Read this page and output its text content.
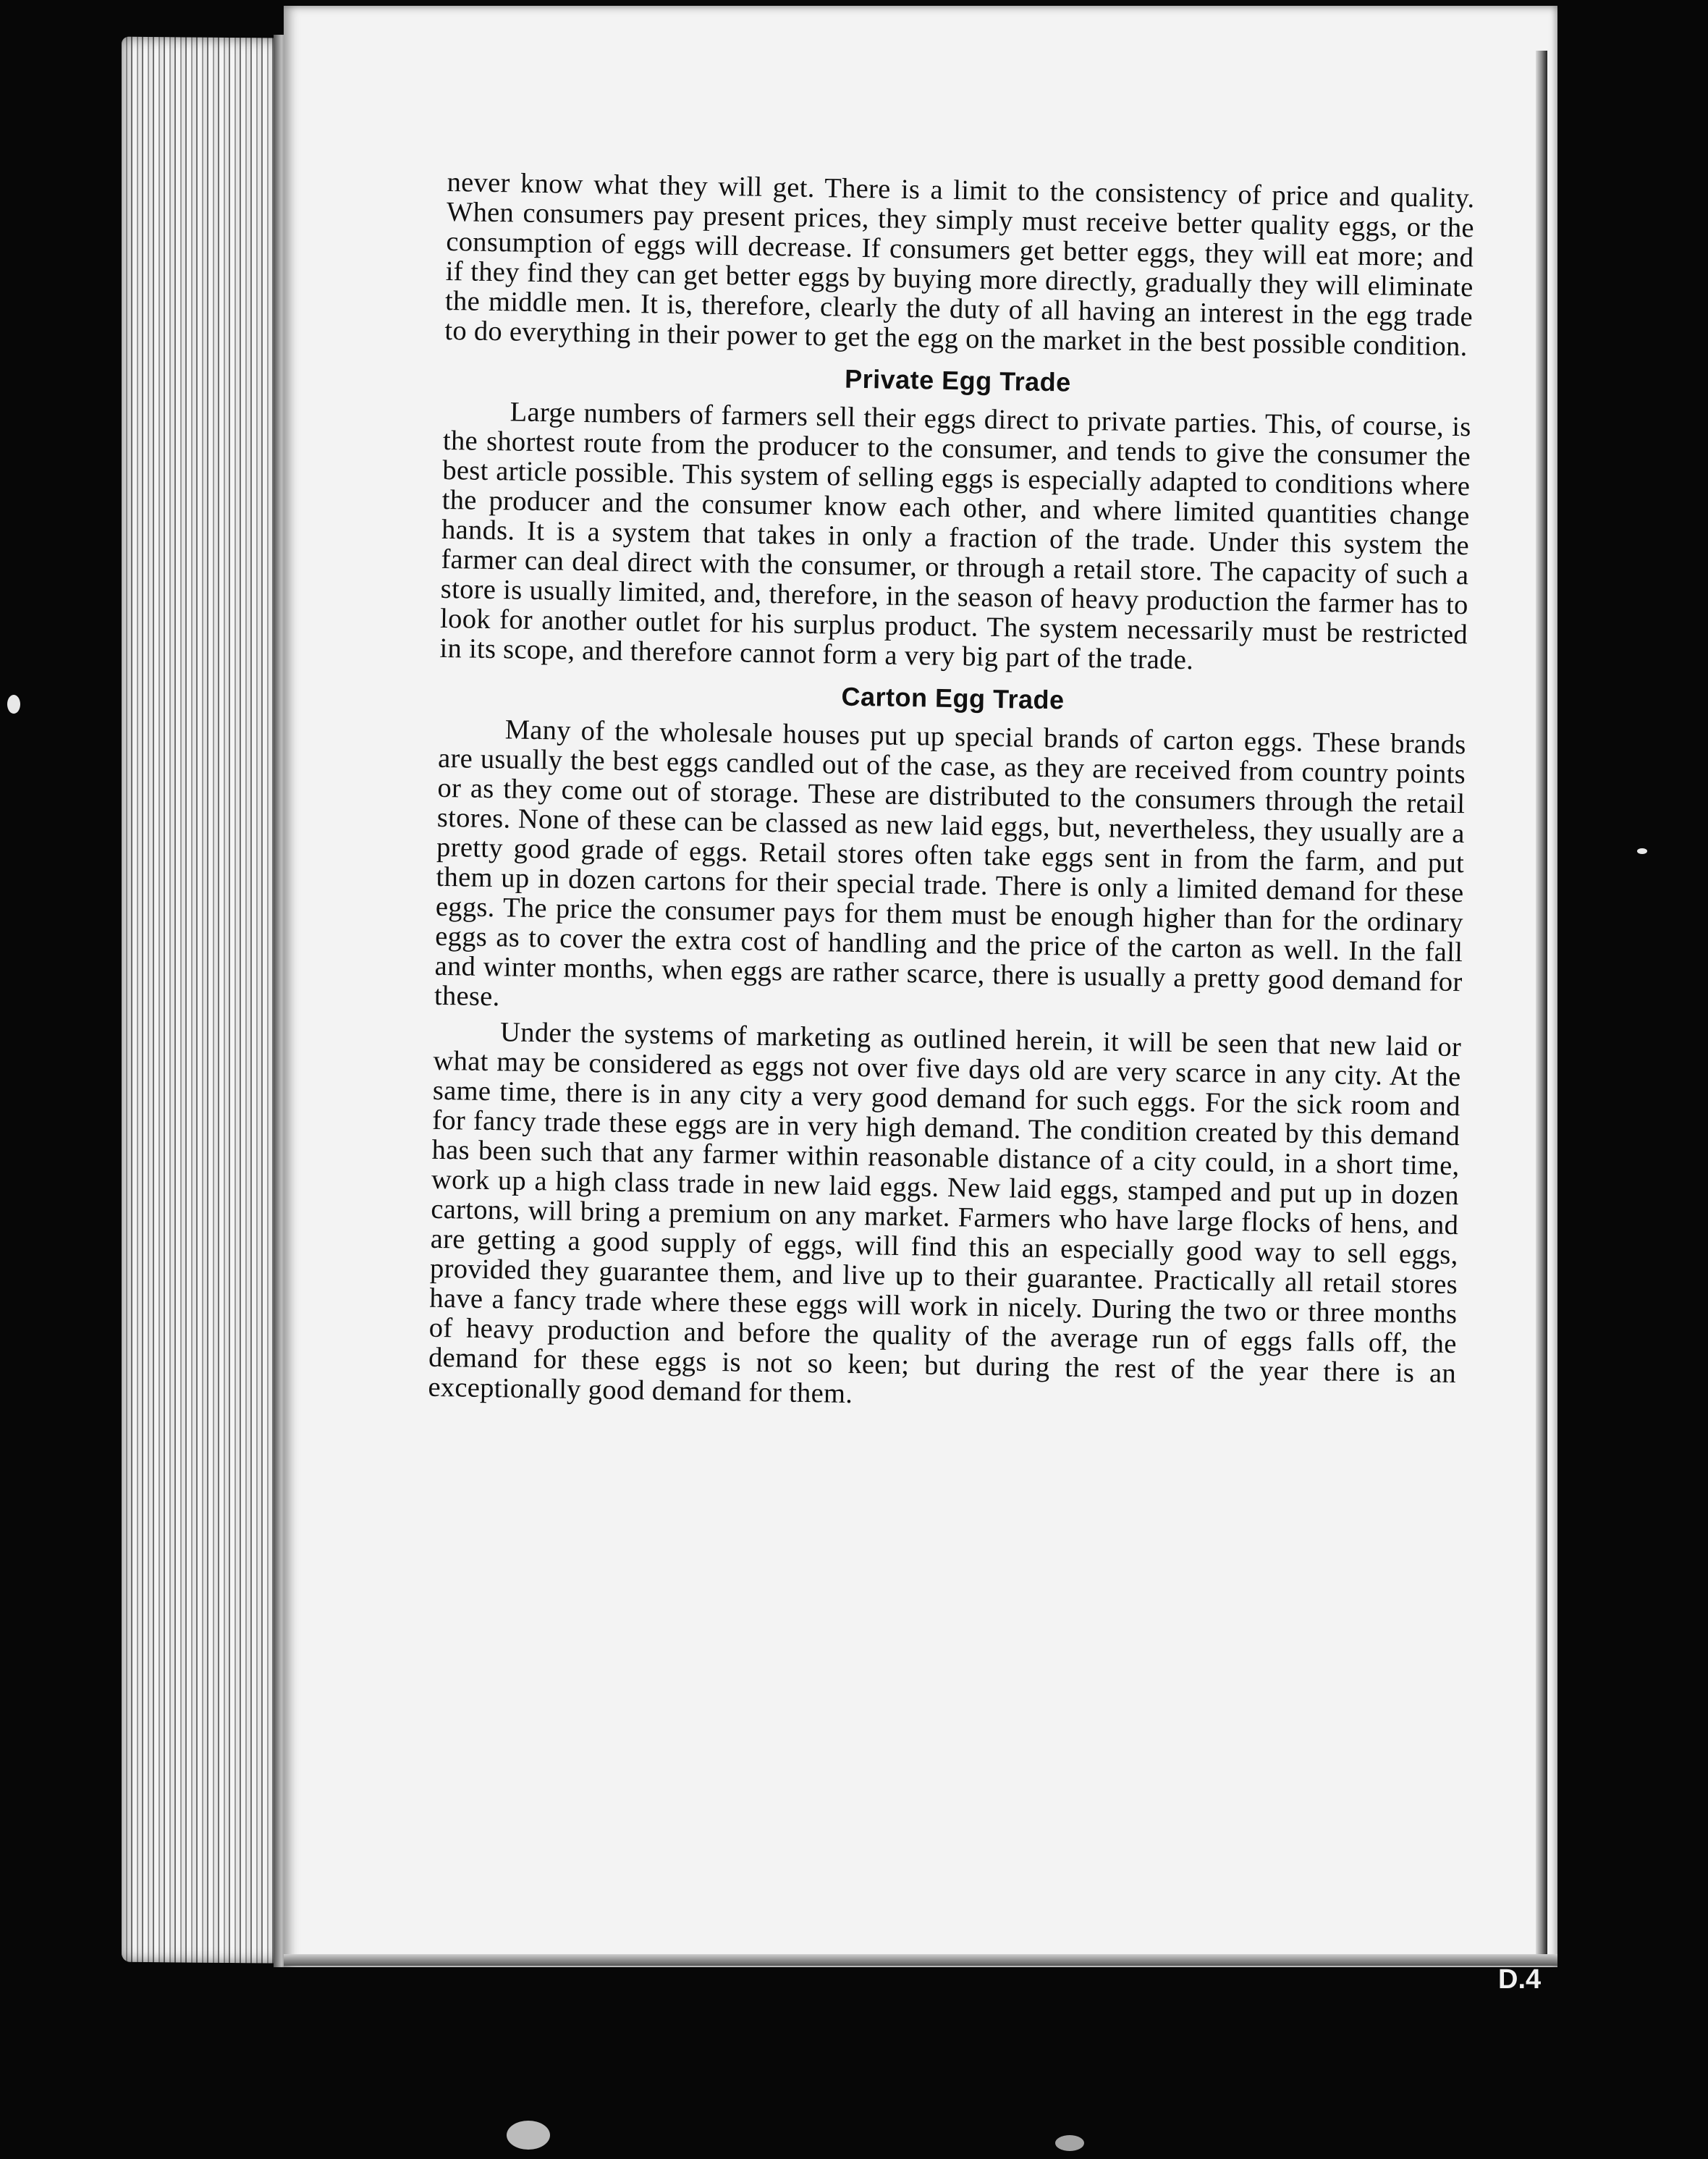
never know what they will get. There is a limit to the consistency of price and quality. When consumers pay present prices, they simply must receive better quality eggs, or the consumption of eggs will decrease. If consumers get better eggs, they will eat more; and if they find they can get better eggs by buying more directly, gradually they will eliminate the middle men. It is, therefore, clearly the duty of all having an interest in the egg trade to do everything in their power to get the egg on the market in the best possible condition.

Private Egg Trade

Large numbers of farmers sell their eggs direct to private parties. This, of course, is the shortest route from the producer to the consumer, and tends to give the consumer the best article possible. This system of selling eggs is especially adapted to conditions where the producer and the consumer know each other, and where limited quantities change hands. It is a system that takes in only a fraction of the trade. Under this system the farmer can deal direct with the consumer, or through a retail store. The capacity of such a store is usually limited, and, therefore, in the season of heavy production the farmer has to look for another outlet for his surplus product. The system necessarily must be restricted in its scope, and therefore cannot form a very big part of the trade.

Carton Egg Trade

Many of the wholesale houses put up special brands of carton eggs. These brands are usually the best eggs candled out of the case, as they are received from country points or as they come out of storage. These are distributed to the consumers through the retail stores. None of these can be classed as new laid eggs, but, nevertheless, they usually are a pretty good grade of eggs. Retail stores often take eggs sent in from the farm, and put them up in dozen cartons for their special trade. There is only a limited demand for these eggs. The price the consumer pays for them must be enough higher than for the ordinary eggs as to cover the extra cost of handling and the price of the carton as well. In the fall and winter months, when eggs are rather scarce, there is usually a pretty good demand for these.

Under the systems of marketing as outlined herein, it will be seen that new laid or what may be considered as eggs not over five days old are very scarce in any city. At the same time, there is in any city a very good demand for such eggs. For the sick room and for fancy trade these eggs are in very high demand. The condition created by this demand has been such that any farmer within reasonable distance of a city could, in a short time, work up a high class trade in new laid eggs. New laid eggs, stamped and put up in dozen cartons, will bring a premium on any market. Farmers who have large flocks of hens, and are getting a good supply of eggs, will find this an especially good way to sell eggs, provided they guarantee them, and live up to their guarantee. Practically all retail stores have a fancy trade where these eggs will work in nicely. During the two or three months of heavy production and before the quality of the average run of eggs falls off, the demand for these eggs is not so keen; but during the rest of the year there is an exceptionally good demand for them.

D.4
